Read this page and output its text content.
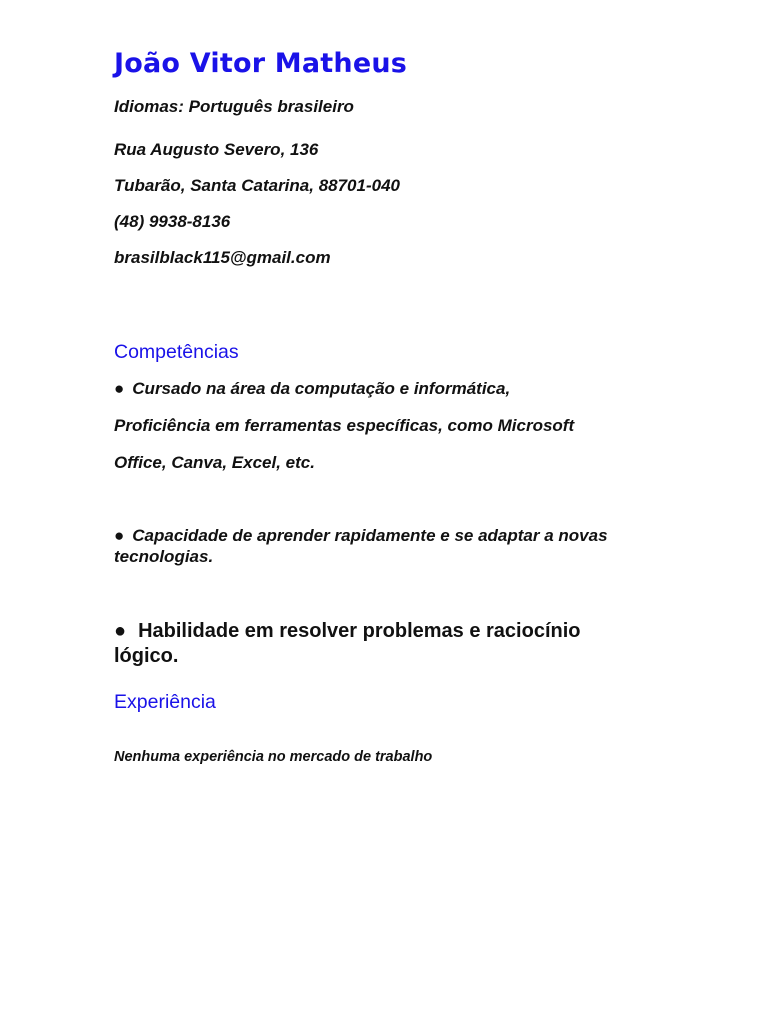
João Vitor Matheus
Idiomas: Português brasileiro
Rua Augusto Severo, 136
Tubarão, Santa Catarina, 88701-040
(48) 9938-8136
brasilblack115@gmail.com
Competências
● Cursado na área da computação e informática,
Proficiência em ferramentas específicas, como Microsoft
Office, Canva, Excel, etc.
● Capacidade de aprender rapidamente e se adaptar a novas tecnologias.
● Habilidade em resolver problemas e raciocínio lógico.
Experiência
Nenhuma experiência no mercado de trabalho
